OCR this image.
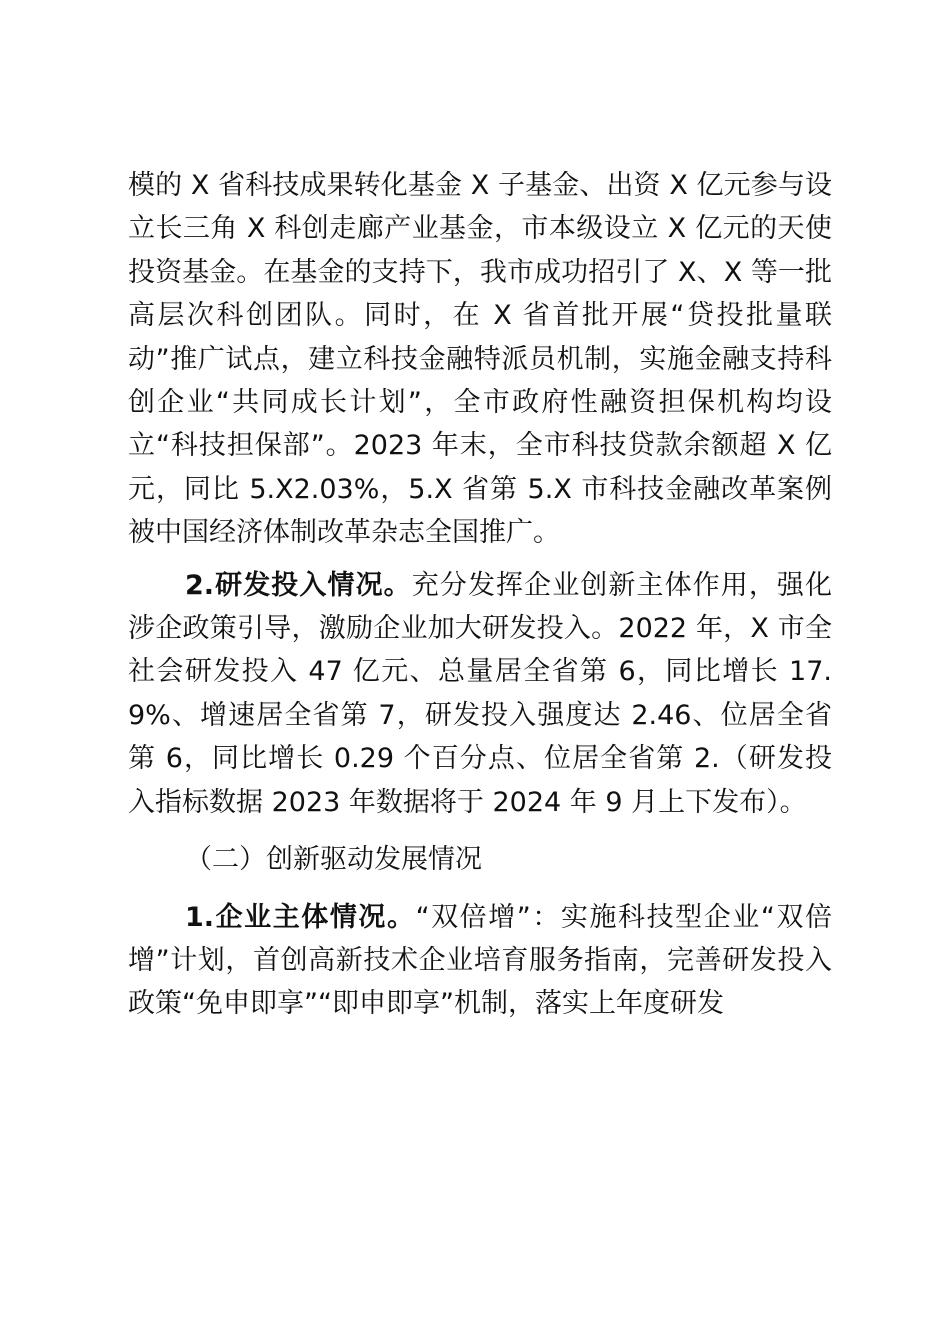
模的 X 省科技成果转化基金 X 子基金、出资 X 亿元参与设立长三角 X 科创走廊产业基金，市本级设立 X 亿元的天使投资基金。在基金的支持下，我市成功招引了 X、X 等一批高层次科创团队。同时，在 X 省首批开展“贷投批量联动”推广试点，建立科技金融特派员机制，实施金融支持科创企业“共同成长计划”，全市政府性融资担保机构均设立“科技担保部”。2023 年末，全市科技贷款余额超 X 亿元，同比 5.X2.03%，5.X 省第 5.X 市科技金融改革案例被中国经济体制改革杂志全国推广。

2.研发投入情况。充分发挥企业创新主体作用，强化涉企政策引导，激励企业加大研发投入。2022 年，X 市全社会研发投入 47 亿元、总量居全省第 6，同比增长 17.9%、增速居全省第 7，研发投入强度达 2.46、位居全省第 6，同比增长 0.29 个百分点、位居全省第 2.（研发投入指标数据 2023 年数据将于 2024 年 9 月上下发布）。

（二）创新驱动发展情况

1.企业主体情况。“双倍增”：实施科技型企业“双倍增”计划，首创高新技术企业培育服务指南，完善研发投入政策“免申即享”“即申即享”机制，落实上年度研发
